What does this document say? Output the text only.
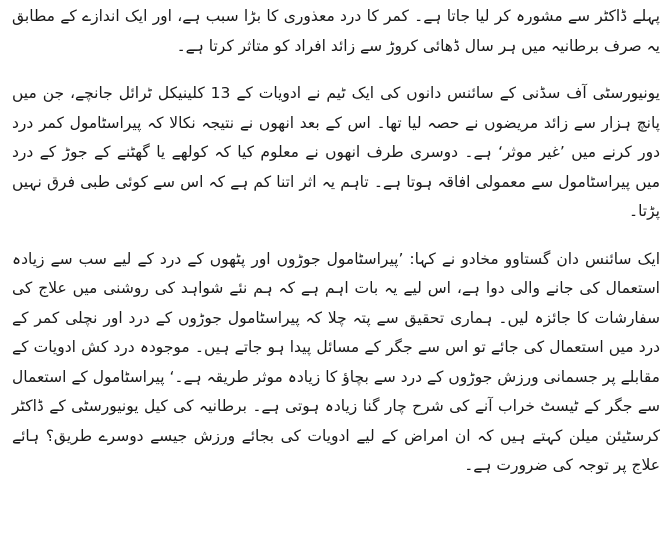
پہلے ڈاکٹر سے مشورہ کر لیا جاتا ہے۔ کمر کا درد معذوری کا بڑا سبب ہے، اور ایک اندازے کے مطابق یہ صرف برطانیہ میں ہر سال ڈھائی کروڑ سے زائد افراد کو متاثر کرتا ہے۔

یونیورسٹی آف سڈنی کے سائنس دانوں کی ایک ٹیم نے ادویات کے 13 کلینیکل ٹرائل جانچے، جن میں پانچ ہزار سے زائد مریضوں نے حصہ لیا تھا۔ اس کے بعد انھوں نے نتیجہ نکالا کہ پیراسٹامول کمر درد دور کرنے میں ’غیر موثر‘ ہے۔ دوسری طرف انھوں نے معلوم کیا کہ کولھے یا گھٹنے کے جوڑ کے درد میں پیراسٹامول سے معمولی افاقہ ہوتا ہے۔ تاہم یہ اثر اتنا کم ہے کہ اس سے کوئی طبی فرق نہیں پڑتا۔

ایک سائنس دان گستاوو مخادو نے کہا: ’پیراسٹامول جوڑوں اور پٹھوں کے درد کے لیے سب سے زیادہ استعمال کی جانے والی دوا ہے، اس لیے یہ بات اہم ہے کہ ہم نئے شواہد کی روشنی میں علاج کی سفارشات کا جائزہ لیں۔ ہماری تحقیق سے پتہ چلا کہ پیراسٹامول جوڑوں کے درد اور نچلی کمر کے درد میں استعمال کی جائے تو اس سے جگر کے مسائل پیدا ہو جاتے ہیں۔ موجودہ درد کش ادویات کے مقابلے پر جسمانی ورزش جوڑوں کے درد سے بچاؤ کا زیادہ موثر طریقہ ہے۔‘ پیراسٹامول کے استعمال سے جگر کے ٹیسٹ خراب آنے کی شرح چار گنا زیادہ ہوتی ہے۔ برطانیہ کی کیل یونیورسٹی کے ڈاکٹر کرسٹیئن میلن کہتے ہیں کہ ان امراض کے لیے ادویات کی بجائے ورزش جیسے دوسرے طریق؟ ہائے علاج پر توجہ کی ضرورت ہے۔
